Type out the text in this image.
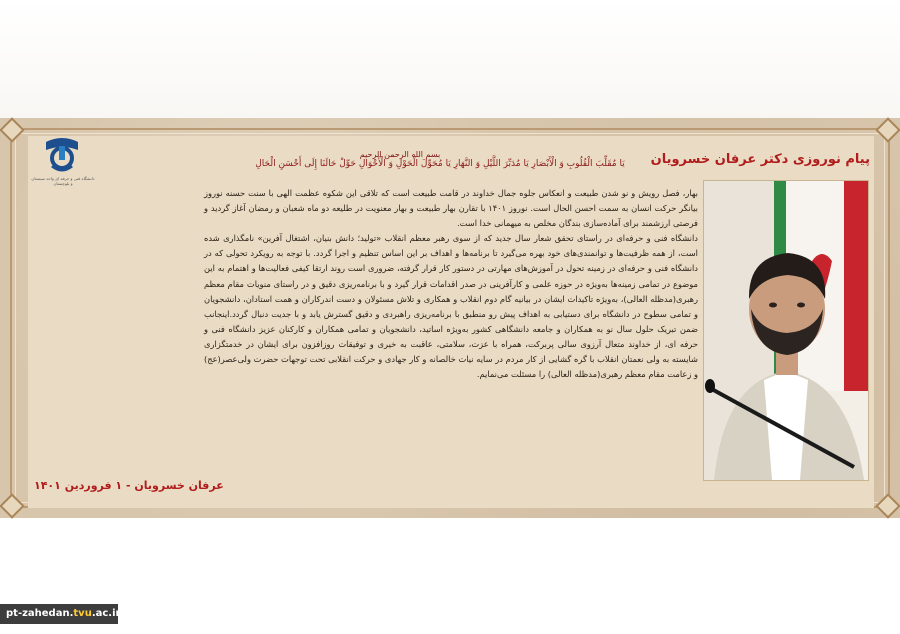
دانشگاه فنی و حرفه ای واحد سیستان و بلوچستان
پیام نوروزی دکتر عرفان خسرویان
بسم الله الرحمن الرحیم
یَا مُقَلِّبَ الْقُلُوبِ وَ الْأَبْصَارِ یَا مُدَبِّرَ اللَّیْلِ وَ النَّهَارِ یَا مُحَوِّلَ الْحَوْلِ وَ الْأَحْوَالِ حَوِّلْ حَالَنَا إِلَى أَحْسَنِ الْحَالِ

بهار، فصل رویش و نو شدن طبیعت و انعکاس جلوه جمال خداوند در قامت طبیعت است که تلاقی این شکوه عظمت الهی با سنت حسنه نوروز بیانگر حرکت انسان به سمت احسن الحال است. نوروز ۱۴۰۱ با تقارن بهار طبیعت و بهار معنویت در طلیعه دو ماه شعبان و رمضان آغاز گردید و فرصتی ارزشمند برای آماده‌سازی بندگان مخلص به میهمانی خدا است.

دانشگاه فنی و حرفه‌ای در راستای تحقق شعار سال جدید که از سوی رهبر معظم انقلاب «تولید؛ دانش بنیان، اشتغال آفرین» نامگذاری شده است، از همه ظرفیت‌ها و توانمندی‌های خود بهره می‌گیرد تا برنامه‌ها و اهداف بر این اساس تنظیم و اجرا گردد. با توجه به رویکرد تحولی که در دانشگاه فنی و حرفه‌ای در زمینه تحول در آموزش‌های مهارتی در دستور کار قرار گرفته، ضروری است روند ارتقا کیفی فعالیت‌ها و اهتمام به این موضوع در تمامی زمینه‌ها به‌ویژه در حوزه علمی و کارآفرینی در صدر اقدامات قرار گیرد و با برنامه‌ریزی دقیق و در راستای منویات مقام معظم رهبری(مدظله العالی)، به‌ویژه تاکیدات ایشان در بیانیه گام دوم انقلاب و همکاری و تلاش مسئولان و دست اندرکاران و همت استادان، دانشجویان و تمامی سطوح در دانشگاه برای دستیابی به اهداف پیش رو منطبق با برنامه‌ریزی راهبردی و دقیق گسترش یابد و با جدیت دنبال گردد.اینجانب ضمن تبریک حلول سال نو به همکاران و جامعه دانشگاهی کشور به‌ویژه اساتید، دانشجویان و تمامی همکاران و کارکنان عزیز دانشگاه فنی و حرفه ای، از خداوند متعال آرزوی سالی پربرکت، همراه با عزت، سلامتی، عاقبت به خیری و توفیقات روزافزون برای ایشان در خدمتگزاری شایسته به ولی نعمتان انقلاب با گره گشایی از کار مردم در سایه نیات خالصانه و کار جهادی و حرکت انقلابی تحت توجهات حضرت ولی‌عصر(عج) و زعامت مقام معظم رهبری(مدظله العالی) را مسئلت می‌نمایم.

عرفان خسرویان - ۱ فروردین ۱۴۰۱
pt-zahedan.tvu.ac.ir
